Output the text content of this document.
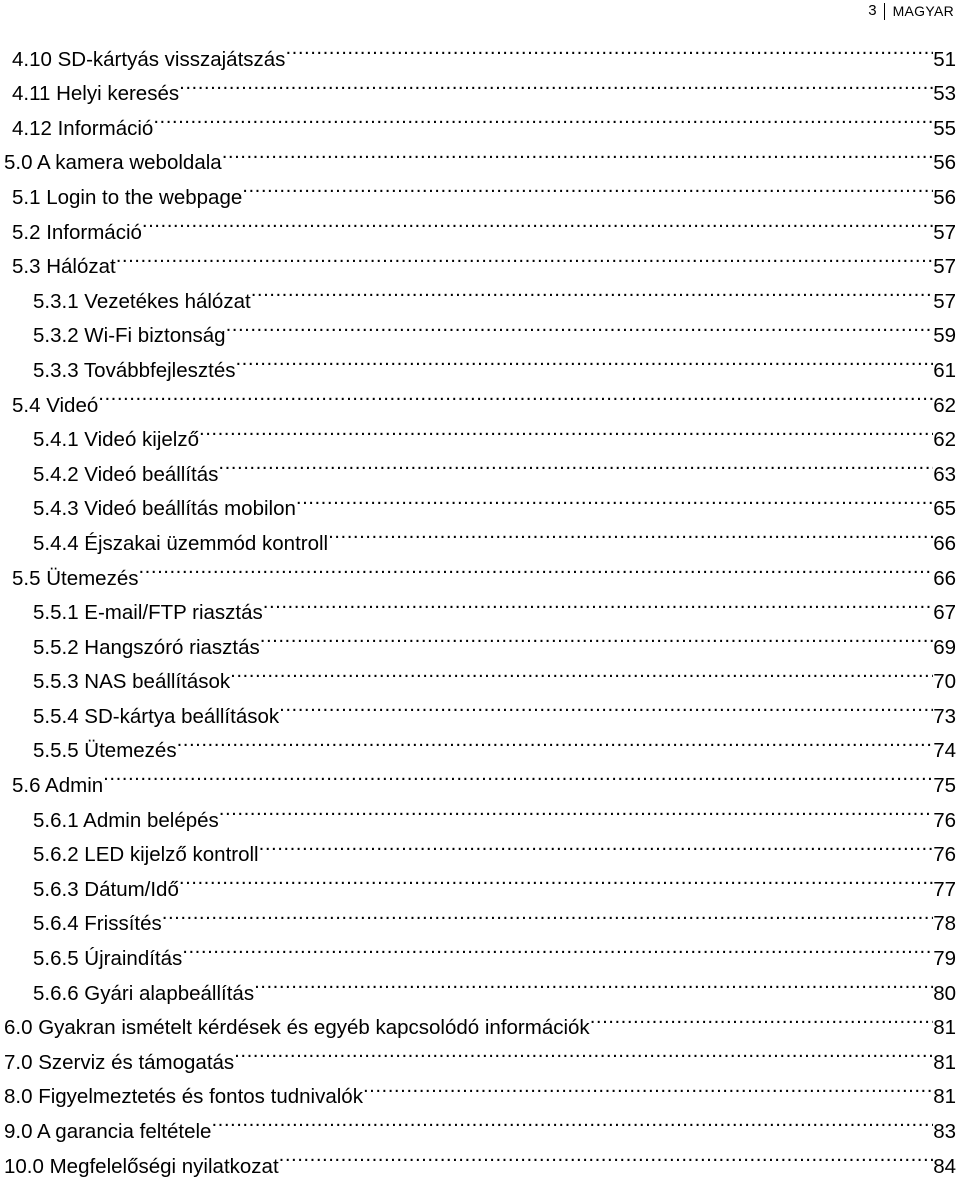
3 MAGYAR
4.10 SD-kártyás visszajátszás .....	51
4.11 Helyi keresés .....	53
4.12 Információ .....	55
5.0 A kamera weboldala .....	56
5.1 Login to the webpage .....	56
5.2 Információ .....	57
5.3 Hálózat .....	57
5.3.1 Vezetékes hálózat .....	57
5.3.2 Wi-Fi biztonság .....	59
5.3.3 Továbbfejlesztés .....	61
5.4 Videó .....	62
5.4.1 Videó kijelző .....	62
5.4.2 Videó beállítás .....	63
5.4.3 Videó beállítás mobilon .....	65
5.4.4 Éjszakai üzemmód kontroll .....	66
5.5 Ütemezés .....	66
5.5.1 E-mail/FTP riasztás .....	67
5.5.2 Hangszóró riasztás .....	69
5.5.3 NAS beállítások .....	70
5.5.4 SD-kártya beállítások .....	73
5.5.5 Ütemezés .....	74
5.6 Admin .....	75
5.6.1 Admin belépés .....	76
5.6.2 LED kijelző kontroll .....	76
5.6.3 Dátum/Idő .....	77
5.6.4 Frissítés .....	78
5.6.5 Újraindítás .....	79
5.6.6 Gyári alapbeállítás .....	80
6.0 Gyakran ismételt kérdések és egyéb kapcsolódó információk .....	81
7.0 Szerviz és támogatás .....	81
8.0 Figyelmeztetés és fontos tudnivalók .....	81
9.0 A garancia feltétele .....	83
10.0 Megfelelőségi nyilatkozat .....	84
